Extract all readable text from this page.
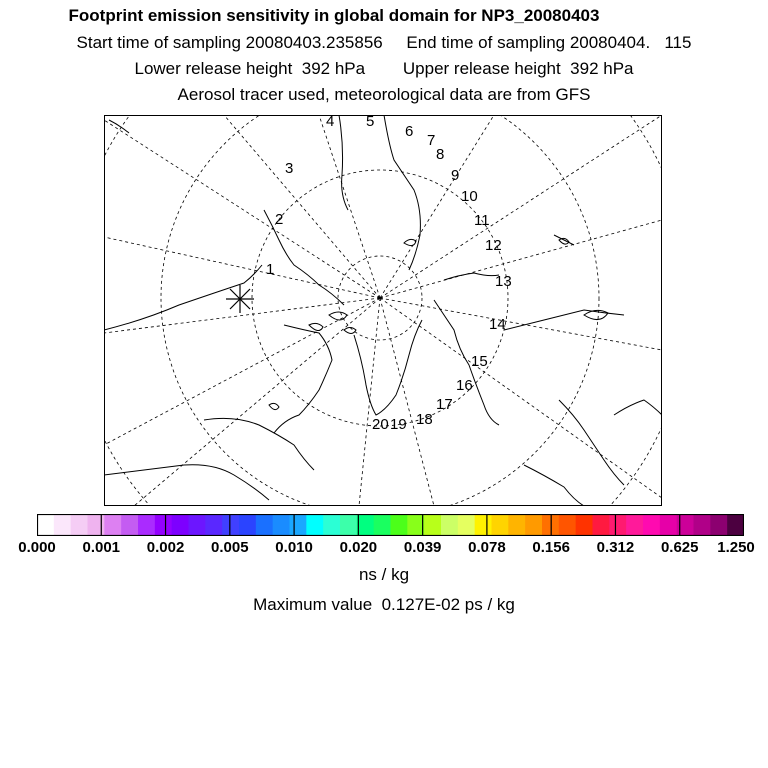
Footprint emission sensitivity in global domain for NP3_20080403
Start time of sampling 20080403.235856     End time of sampling 20080404.   115
Lower release height  392 hPa        Upper release height  392 hPa
Aerosol tracer used, meteorological data are from GFS
1
2
3
4 5
6
7
8
9
10
11
12
13
14
15
16
17
18
19
20
0.000 0.001 0.002 0.005 0.010 0.020 0.039 0.078 0.156 0.312 0.625 1.250
ns / kg
Maximum value  0.127E-02 ps / kg
